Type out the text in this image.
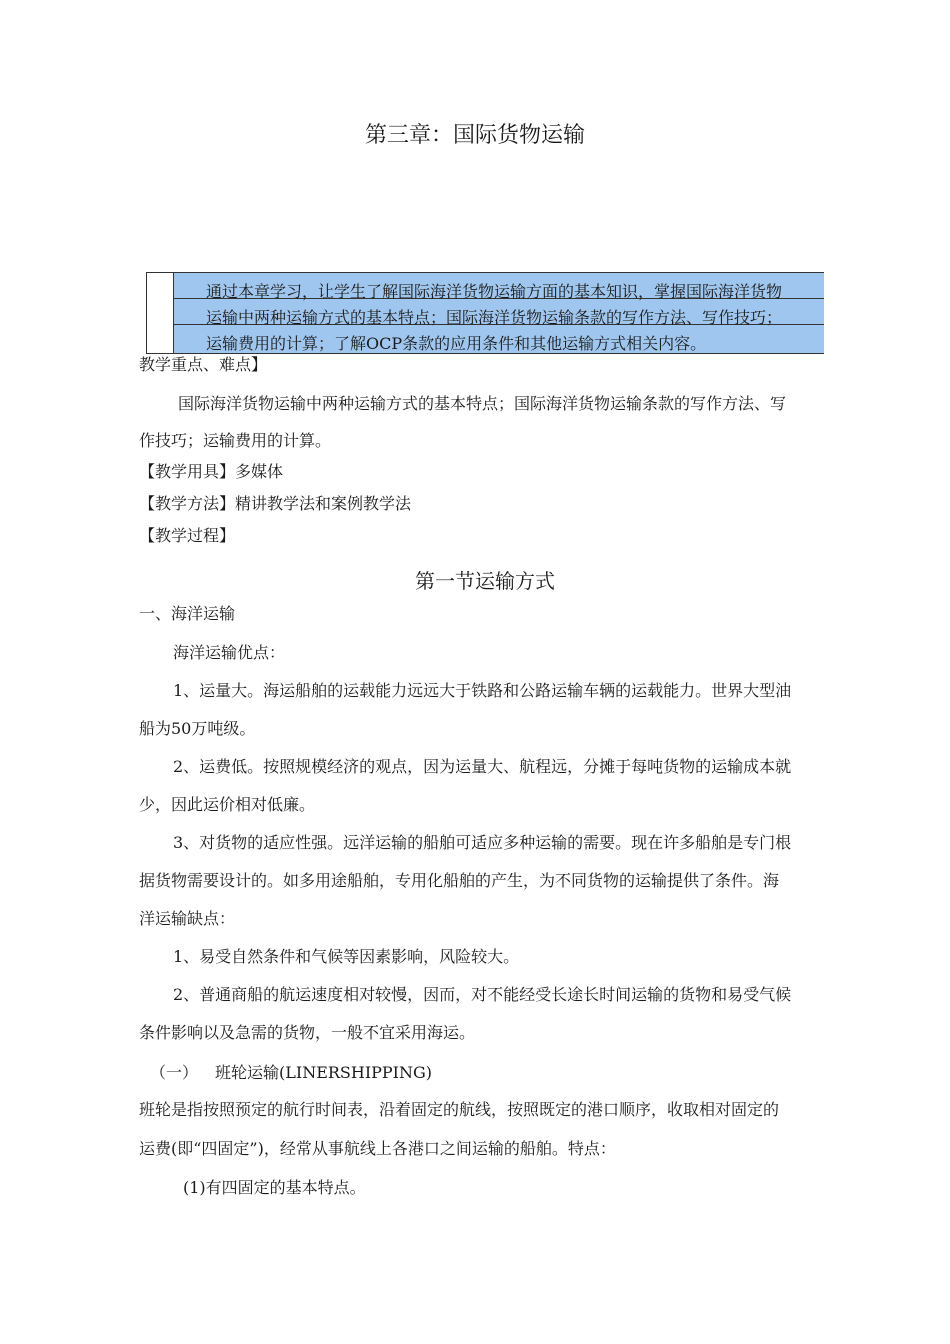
第三章：国际货物运输
通过本章学习，让学生了解国际海洋货物运输方面的基本知识，掌握国际海洋货物
运输中两种运输方式的基本特点；国际海洋货物运输条款的写作方法、写作技巧；
运输费用的计算；了解OCP条款的应用条件和其他运输方式相关内容。
教学重点、难点】
国际海洋货物运输中两种运输方式的基本特点；国际海洋货物运输条款的写作方法、写
作技巧；运输费用的计算。
【教学用具】多媒体
【教学方法】精讲教学法和案例教学法
【教学过程】
第一节运输方式
一、海洋运输
海洋运输优点：
1、运量大。海运船舶的运载能力远远大于铁路和公路运输车辆的运载能力。世界大型油
船为50万吨级。
2、运费低。按照规模经济的观点，因为运量大、航程远，分摊于每吨货物的运输成本就
少，因此运价相对低廉。
3、对货物的适应性强。远洋运输的船舶可适应多种运输的需要。现在许多船舶是专门根
据货物需要设计的。如多用途船舶，专用化船舶的产生，为不同货物的运输提供了条件。海
洋运输缺点：
1、易受自然条件和气候等因素影响，风险较大。
2、普通商船的航运速度相对较慢，因而，对不能经受长途长时间运输的货物和易受气候
条件影响以及急需的货物，一般不宜采用海运。
（一） 班轮运输(LINERSHIPPING)
班轮是指按照预定的航行时间表，沿着固定的航线，按照既定的港口顺序，收取相对固定的
运费(即“四固定”)，经常从事航线上各港口之间运输的船舶。特点：
(1)有四固定的基本特点。
